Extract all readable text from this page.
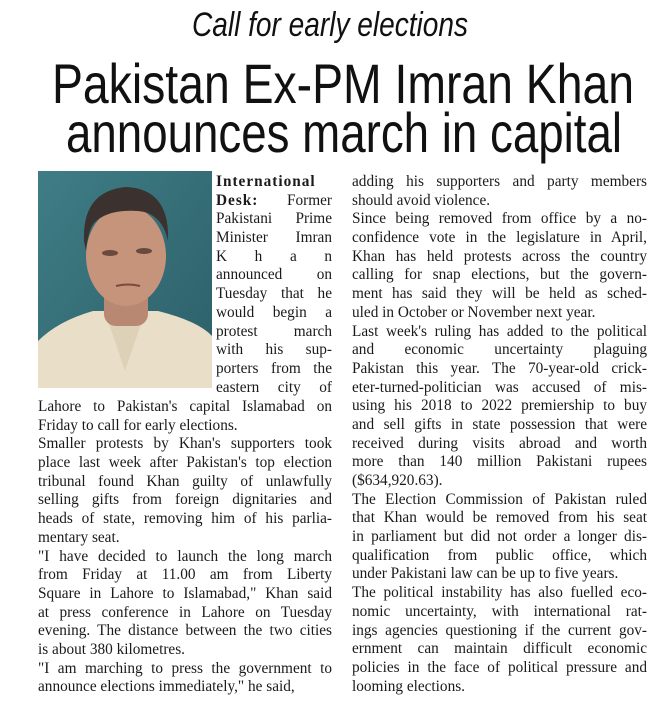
Call for early elections
Pakistan Ex-PM Imran Khan
announces march in capital
International
Desk:      Former
Pakistani Prime
Minister Imran
K h a n
announced on
Tuesday that he
would begin a
protest march
with his sup-
porters from the
eastern city of
Lahore to Pakistan's capital Islamabad on
Friday to call for early elections.
Smaller protests by Khan's supporters took
place last week after Pakistan's top election
tribunal found Khan guilty of unlawfully
selling gifts from foreign dignitaries and
heads of state, removing him of his parlia-
mentary seat.
"I have decided to launch the long march
from Friday at 11.00 am from Liberty
Square in Lahore to Islamabad," Khan said
at press conference in Lahore on Tuesday
evening. The distance between the two cities
is about 380 kilometres.
"I am marching to press the government to
announce elections immediately," he said,
adding his supporters and party members
should avoid violence.
Since being removed from office by a no-
confidence vote in the legislature in April,
Khan has held protests across the country
calling for snap elections, but the govern-
ment has said they will be held as sched-
uled in October or November next year.
Last week's ruling has added to the political
and economic uncertainty plaguing
Pakistan this year. The 70-year-old crick-
eter-turned-politician was accused of mis-
using his 2018 to 2022 premiership to buy
and sell gifts in state possession that were
received during visits abroad and worth
more than 140 million Pakistani rupees
($634,920.63).
The Election Commission of Pakistan ruled
that Khan would be removed from his seat
in parliament but did not order a longer dis-
qualification from public office, which
under Pakistani law can be up to five years.
The political instability has also fuelled eco-
nomic uncertainty, with international rat-
ings agencies questioning if the current gov-
ernment can maintain difficult economic
policies in the face of political pressure and
looming elections.
